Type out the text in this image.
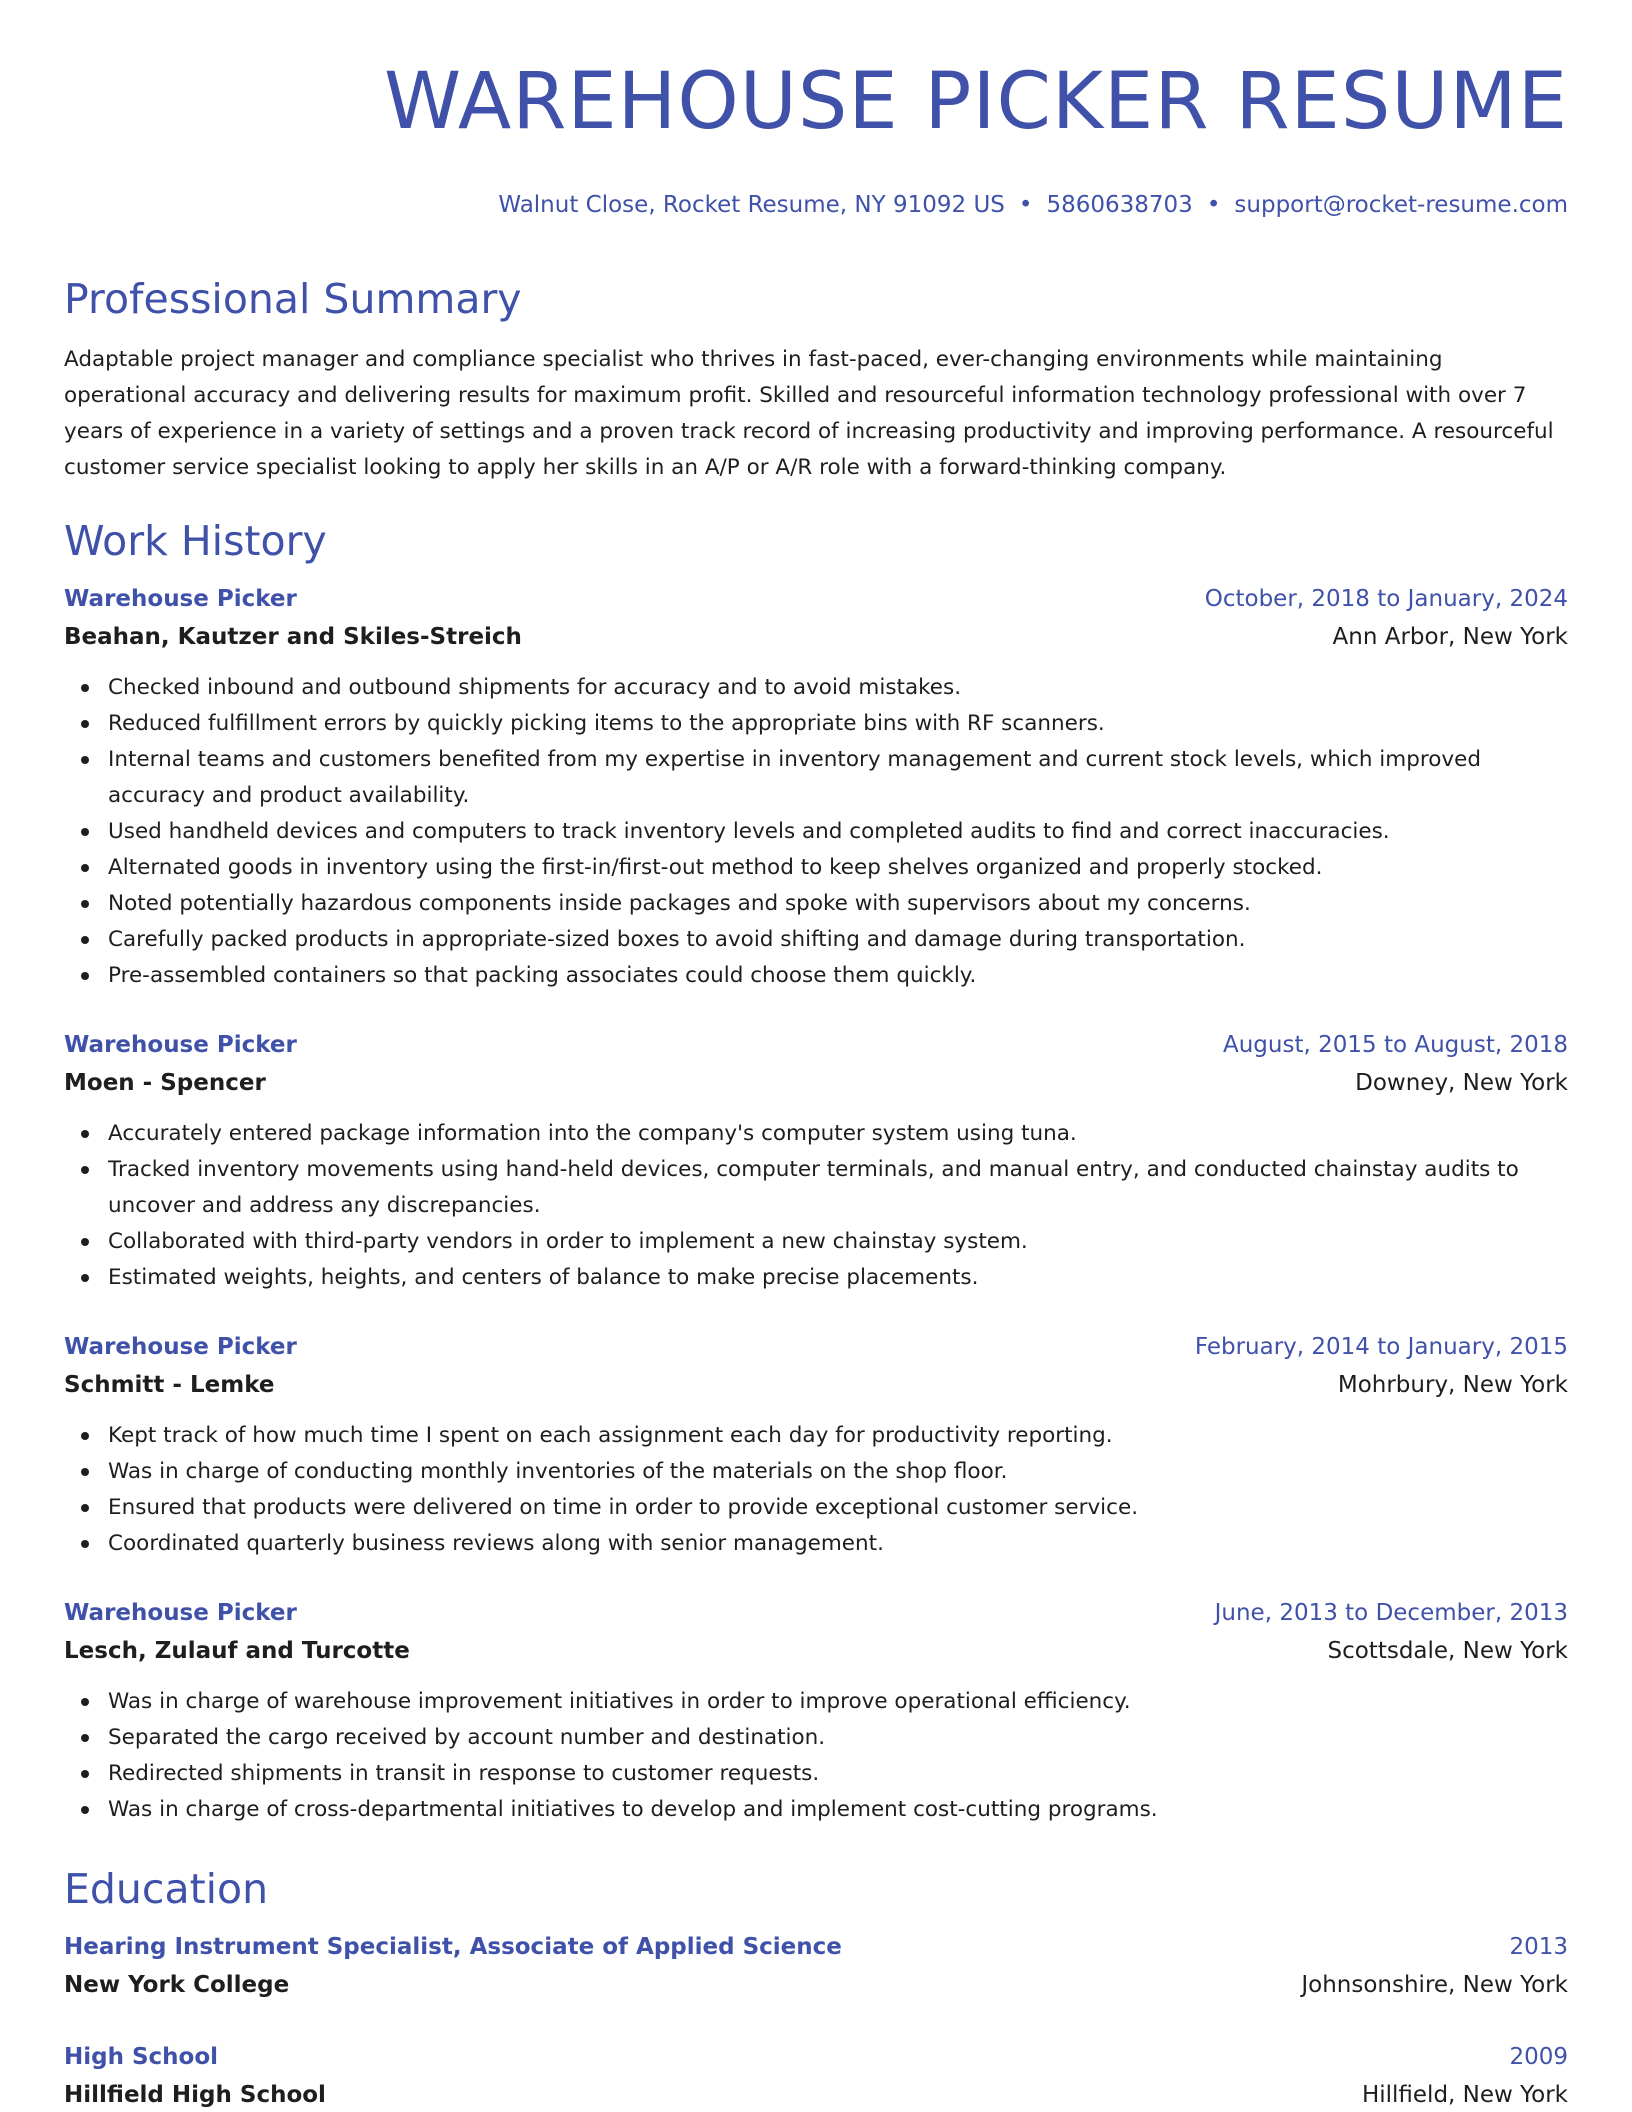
WAREHOUSE PICKER RESUME
Walnut Close, Rocket Resume, NY 91092 US • 5860638703 • support@rocket-resume.com
Professional Summary

Adaptable project manager and compliance specialist who thrives in fast-paced, ever-changing environments while maintaining operational accuracy and delivering results for maximum profit. Skilled and resourceful information technology professional with over 7 years of experience in a variety of settings and a proven track record of increasing productivity and improving performance. A resourceful customer service specialist looking to apply her skills in an A/P or A/R role with a forward-thinking company.

Work History
Warehouse Picker	October, 2018 to January, 2024
Beahan, Kautzer and Skiles-Streich	Ann Arbor, New York
Checked inbound and outbound shipments for accuracy and to avoid mistakes.
Reduced fulfillment errors by quickly picking items to the appropriate bins with RF scanners.
Internal teams and customers benefited from my expertise in inventory management and current stock levels, which improved accuracy and product availability.
Used handheld devices and computers to track inventory levels and completed audits to find and correct inaccuracies.
Alternated goods in inventory using the first-in/first-out method to keep shelves organized and properly stocked.
Noted potentially hazardous components inside packages and spoke with supervisors about my concerns.
Carefully packed products in appropriate-sized boxes to avoid shifting and damage during transportation.
Pre-assembled containers so that packing associates could choose them quickly.
Warehouse Picker	August, 2015 to August, 2018
Moen - Spencer	Downey, New York
Accurately entered package information into the company's computer system using tuna.
Tracked inventory movements using hand-held devices, computer terminals, and manual entry, and conducted chainstay audits to uncover and address any discrepancies.
Collaborated with third-party vendors in order to implement a new chainstay system.
Estimated weights, heights, and centers of balance to make precise placements.
Warehouse Picker	February, 2014 to January, 2015
Schmitt - Lemke	Mohrbury, New York
Kept track of how much time I spent on each assignment each day for productivity reporting.
Was in charge of conducting monthly inventories of the materials on the shop floor.
Ensured that products were delivered on time in order to provide exceptional customer service.
Coordinated quarterly business reviews along with senior management.
Warehouse Picker	June, 2013 to December, 2013
Lesch, Zulauf and Turcotte	Scottsdale, New York
Was in charge of warehouse improvement initiatives in order to improve operational efficiency.
Separated the cargo received by account number and destination.
Redirected shipments in transit in response to customer requests.
Was in charge of cross-departmental initiatives to develop and implement cost-cutting programs.
Education
Hearing Instrument Specialist, Associate of Applied Science	2013
New York College	Johnsonshire, New York
High School	2009
Hillfield High School	Hillfield, New York
